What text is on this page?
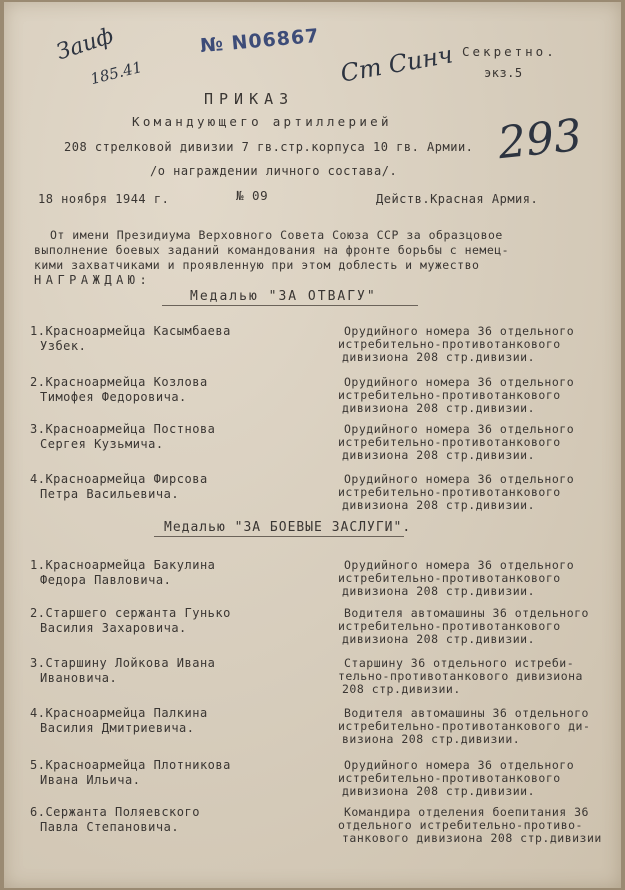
Заиф
185.41
№ N06867 Ст Синч
293
Секретно.
экз.5
ПРИКАЗ
Командующего артиллерией
208 стрелковой дивизии 7 гв.стр.корпуса 10 гв. Армии.
/о награждении личного состава/.
18 ноября 1944 г.	№ 09	Действ.Красная Армия.
От имени Президиума Верховного Совета Союза ССР за образцовое
выполнение боевых заданий командования на фронте борьбы с немец-
кими захватчиками и проявленную при этом доблесть и мужество
НАГРАЖДАЮ:
Медалью "ЗА ОТВАГУ"
1.Красноармейца Касымбаева
Узбек.
Орудийного номера 36 отдельного
истребительно-противотанкового
дивизиона 208 стр.дивизии.
2.Красноармейца Козлова
Тимофея Федоровича.
Орудийного номера 36 отдельного
истребительно-противотанкового
дивизиона 208 стр.дивизии.
3.Красноармейца Постнова
Сергея Кузьмича.
Орудийного номера 36 отдельного
истребительно-противотанкового
дивизиона 208 стр.дивизии.
4.Красноармейца Фирсова
Петра Васильевича.
Орудийного номера 36 отдельного
истребительно-противотанкового
дивизиона 208 стр.дивизии.
Медалью "ЗА БОЕВЫЕ ЗАСЛУГИ".
1.Красноармейца Бакулина
Федора Павловича.
Орудийного номера 36 отдельного
истребительно-противотанкового
дивизиона 208 стр.дивизии.
2.Старшего сержанта Гунько
Василия Захаровича.
Водителя автомашины 36 отдельного
истребительно-противотанкового
дивизиона 208 стр.дивизии.
3.Старшину Лойкова Ивана
Ивановича.
Старшину 36 отдельного истреби-
тельно-противотанкового дивизиона
208 стр.дивизии.
4.Красноармейца Палкина
Василия Дмитриевича.
Водителя автомашины 36 отдельного
истребительно-противотанкового ди-
визиона 208 стр.дивизии.
5.Красноармейца Плотникова
Ивана Ильича.
Орудийного номера 36 отдельного
истребительно-противотанкового
дивизиона 208 стр.дивизии.
6.Сержанта Поляевского
Павла Степановича.
Командира отделения боепитания 36
отдельного истребительно-противо-
танкового дивизиона 208 стр.дивизии
